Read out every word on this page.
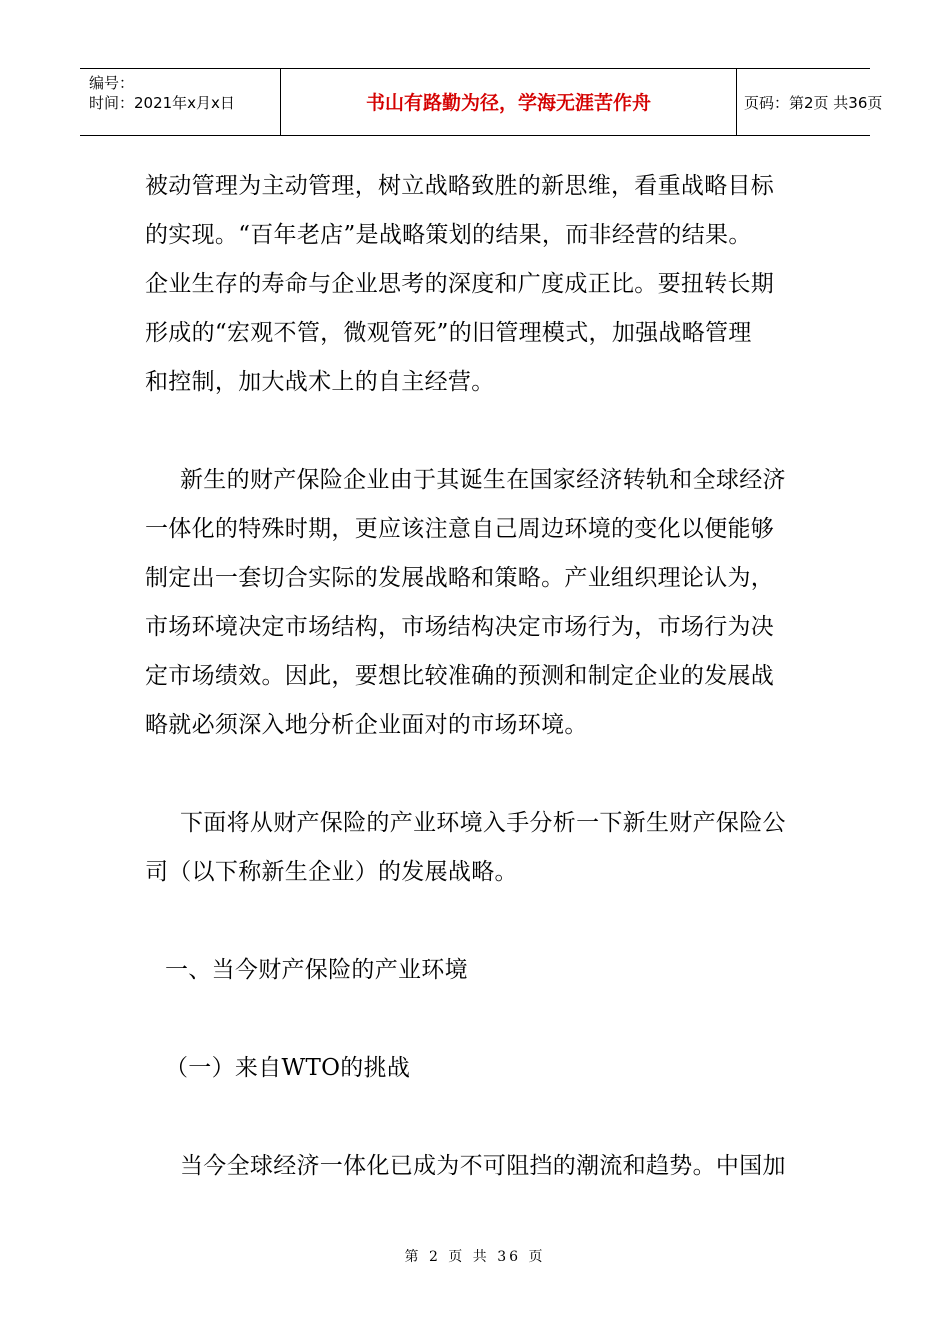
编号：
时间：2021年x月x日	书山有路勤为径，学海无涯苦作舟	页码：第2页 共36页
被动管理为主动管理，树立战略致胜的新思维，看重战略目标
的实现。“百年老店”是战略策划的结果，而非经营的结果。
企业生存的寿命与企业思考的深度和广度成正比。要扭转长期
形成的“宏观不管，微观管死”的旧管理模式，加强战略管理
和控制，加大战术上的自主经营。
新生的财产保险企业由于其诞生在国家经济转轨和全球经济
一体化的特殊时期，更应该注意自己周边环境的变化以便能够
制定出一套切合实际的发展战略和策略。产业组织理论认为，
市场环境决定市场结构，市场结构决定市场行为，市场行为决
定市场绩效。因此，要想比较准确的预测和制定企业的发展战
略就必须深入地分析企业面对的市场环境。
下面将从财产保险的产业环境入手分析一下新生财产保险公
司（以下称新生企业）的发展战略。
一、当今财产保险的产业环境
（一）来自WTO的挑战
当今全球经济一体化已成为不可阻挡的潮流和趋势。中国加
第 2 页 共 36 页
